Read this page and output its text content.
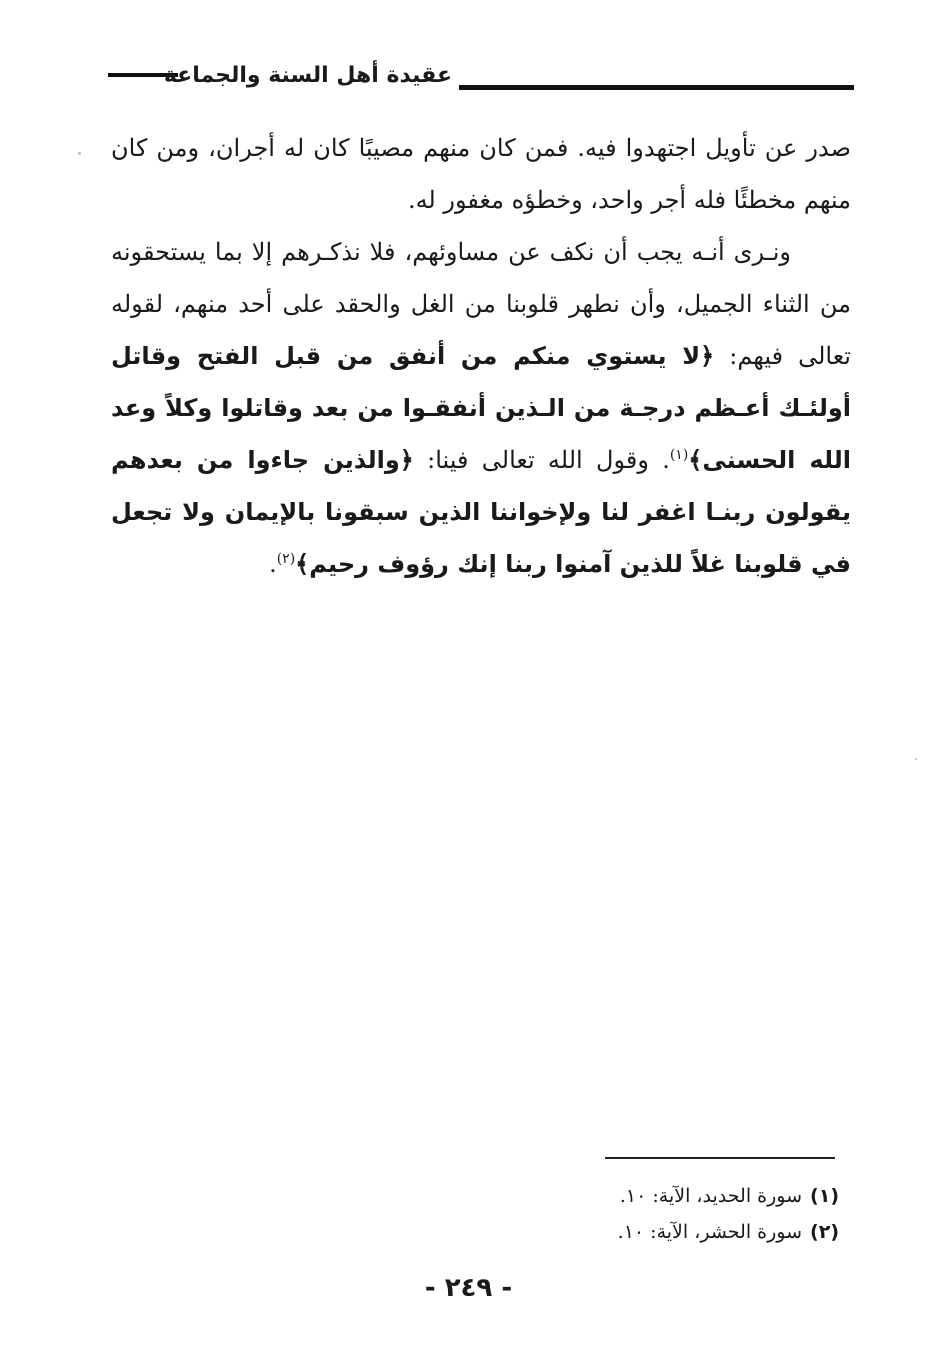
عقيدة أهل السنة والجماعة

صدر عن تأويل اجتهدوا فيه. فمن كان منهم مصيبًا كان له أجران، ومن كان منهم مخطئًا فله أجر واحد، وخطؤه مغفور له.

ونـرى أنـه يجب أن نكف عن مساوئهم، فلا نذكـرهم إلا بما يستحقونه من الثناء الجميل، وأن نطهر قلوبنا من الغل والحقد على أحد منهم، لقوله تعالى فيهم: ﴿لا يستوي منكم من أنفق من قبل الفتح وقاتل أولئـك أعـظم درجـة من الـذين أنفقـوا من بعد وقاتلوا وكلاً وعد الله الحسنى﴾$^{(١)}$. وقول الله تعالى فينا: ﴿والذين جاءوا من بعدهم يقولون ربنـا اغفر لنا ولإخواننا الذين سبقونا بالإيمان ولا تجعل في قلوبنا غلاً للذين آمنوا ربنا إنك رؤوف رحيم﴾$^{(٢)}$.

(١)سورة الحديد، الآية: ١٠.
(٢)سورة الحشر، الآية: ١٠.
- ٢٤٩ -
